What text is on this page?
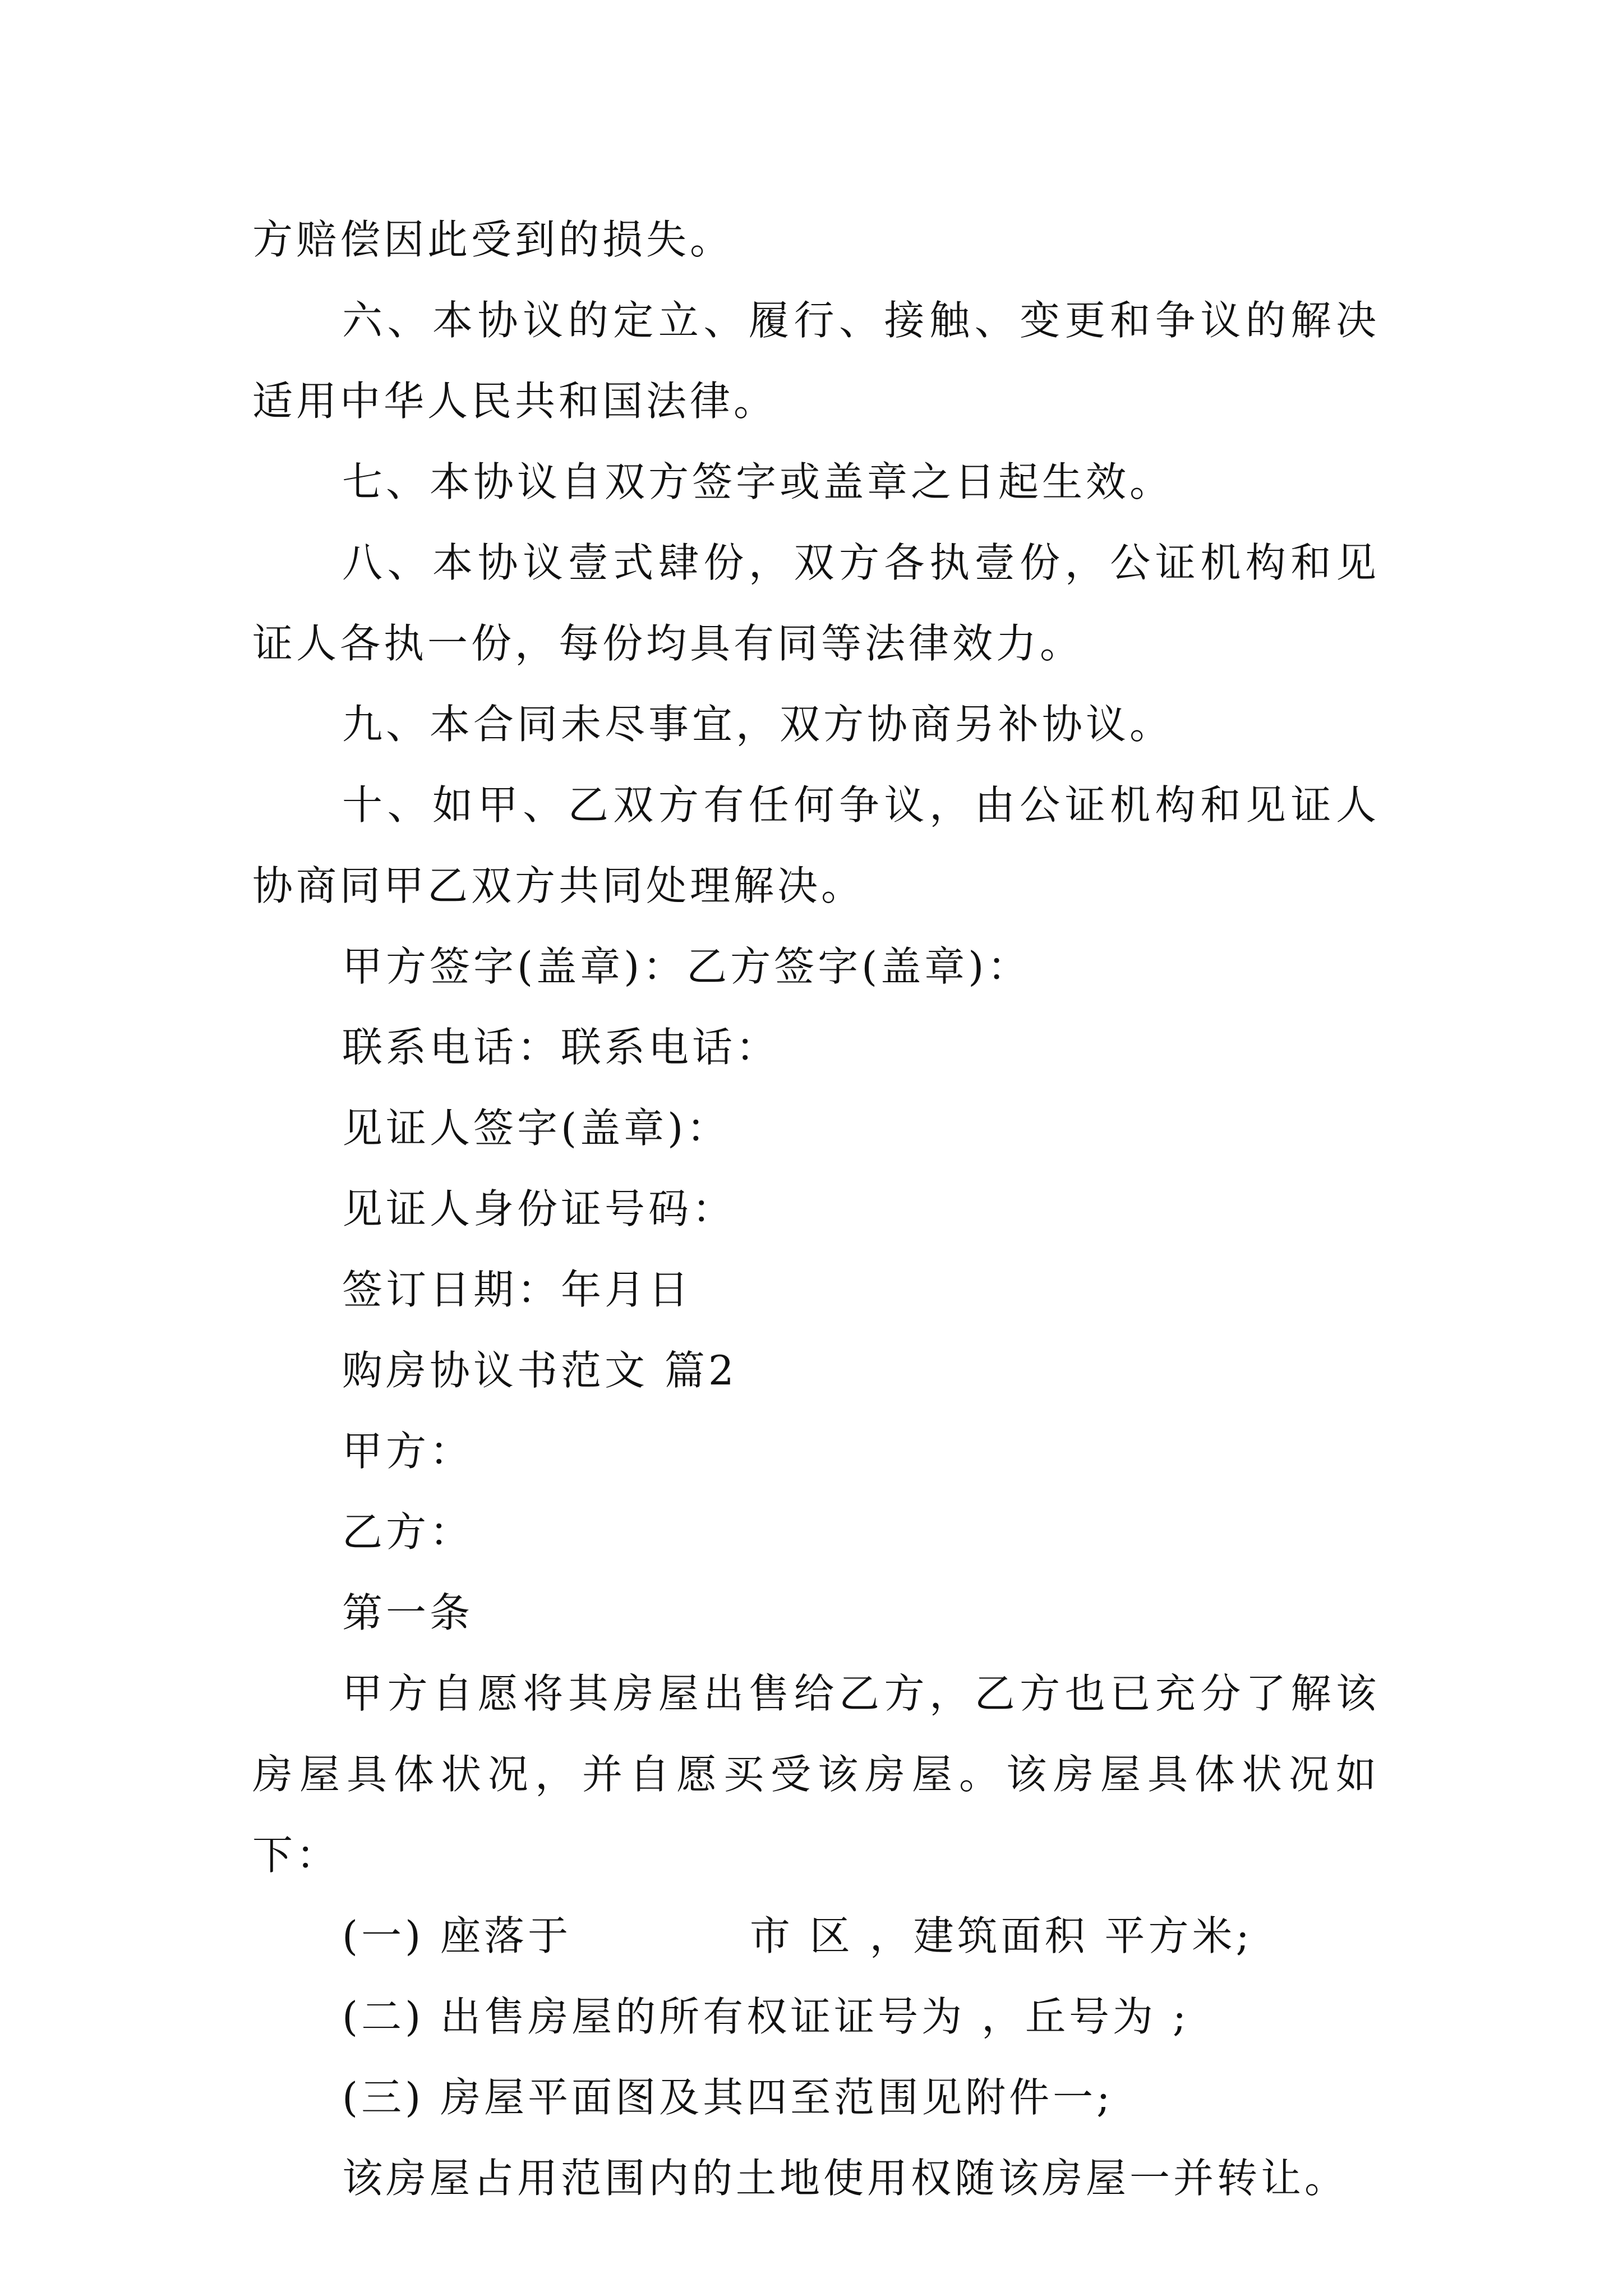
方赔偿因此受到的损失。

六、本协议的定立、履行、接触、变更和争议的解决适用中华人民共和国法律。

七、本协议自双方签字或盖章之日起生效。

八、本协议壹式肆份，双方各执壹份，公证机构和见证人各执一份，每份均具有同等法律效力。

九、本合同未尽事宜，双方协商另补协议。

十、如甲、乙双方有任何争议，由公证机构和见证人协商同甲乙双方共同处理解决。

甲方签字(盖章)：乙方签字(盖章)：

联系电话：联系电话：

见证人签字(盖章)：

见证人身份证号码：

签订日期：年月日

购房协议书范文 篇2

甲方：

乙方：

第一条

甲方自愿将其房屋出售给乙方，乙方也已充分了解该房屋具体状况，并自愿买受该房屋。该房屋具体状况如下：

(一) 座落于           市 区 ，建筑面积 平方米;

(二) 出售房屋的所有权证证号为 ，丘号为 ;

(三) 房屋平面图及其四至范围见附件一;

该房屋占用范围内的土地使用权随该房屋一并转让。
